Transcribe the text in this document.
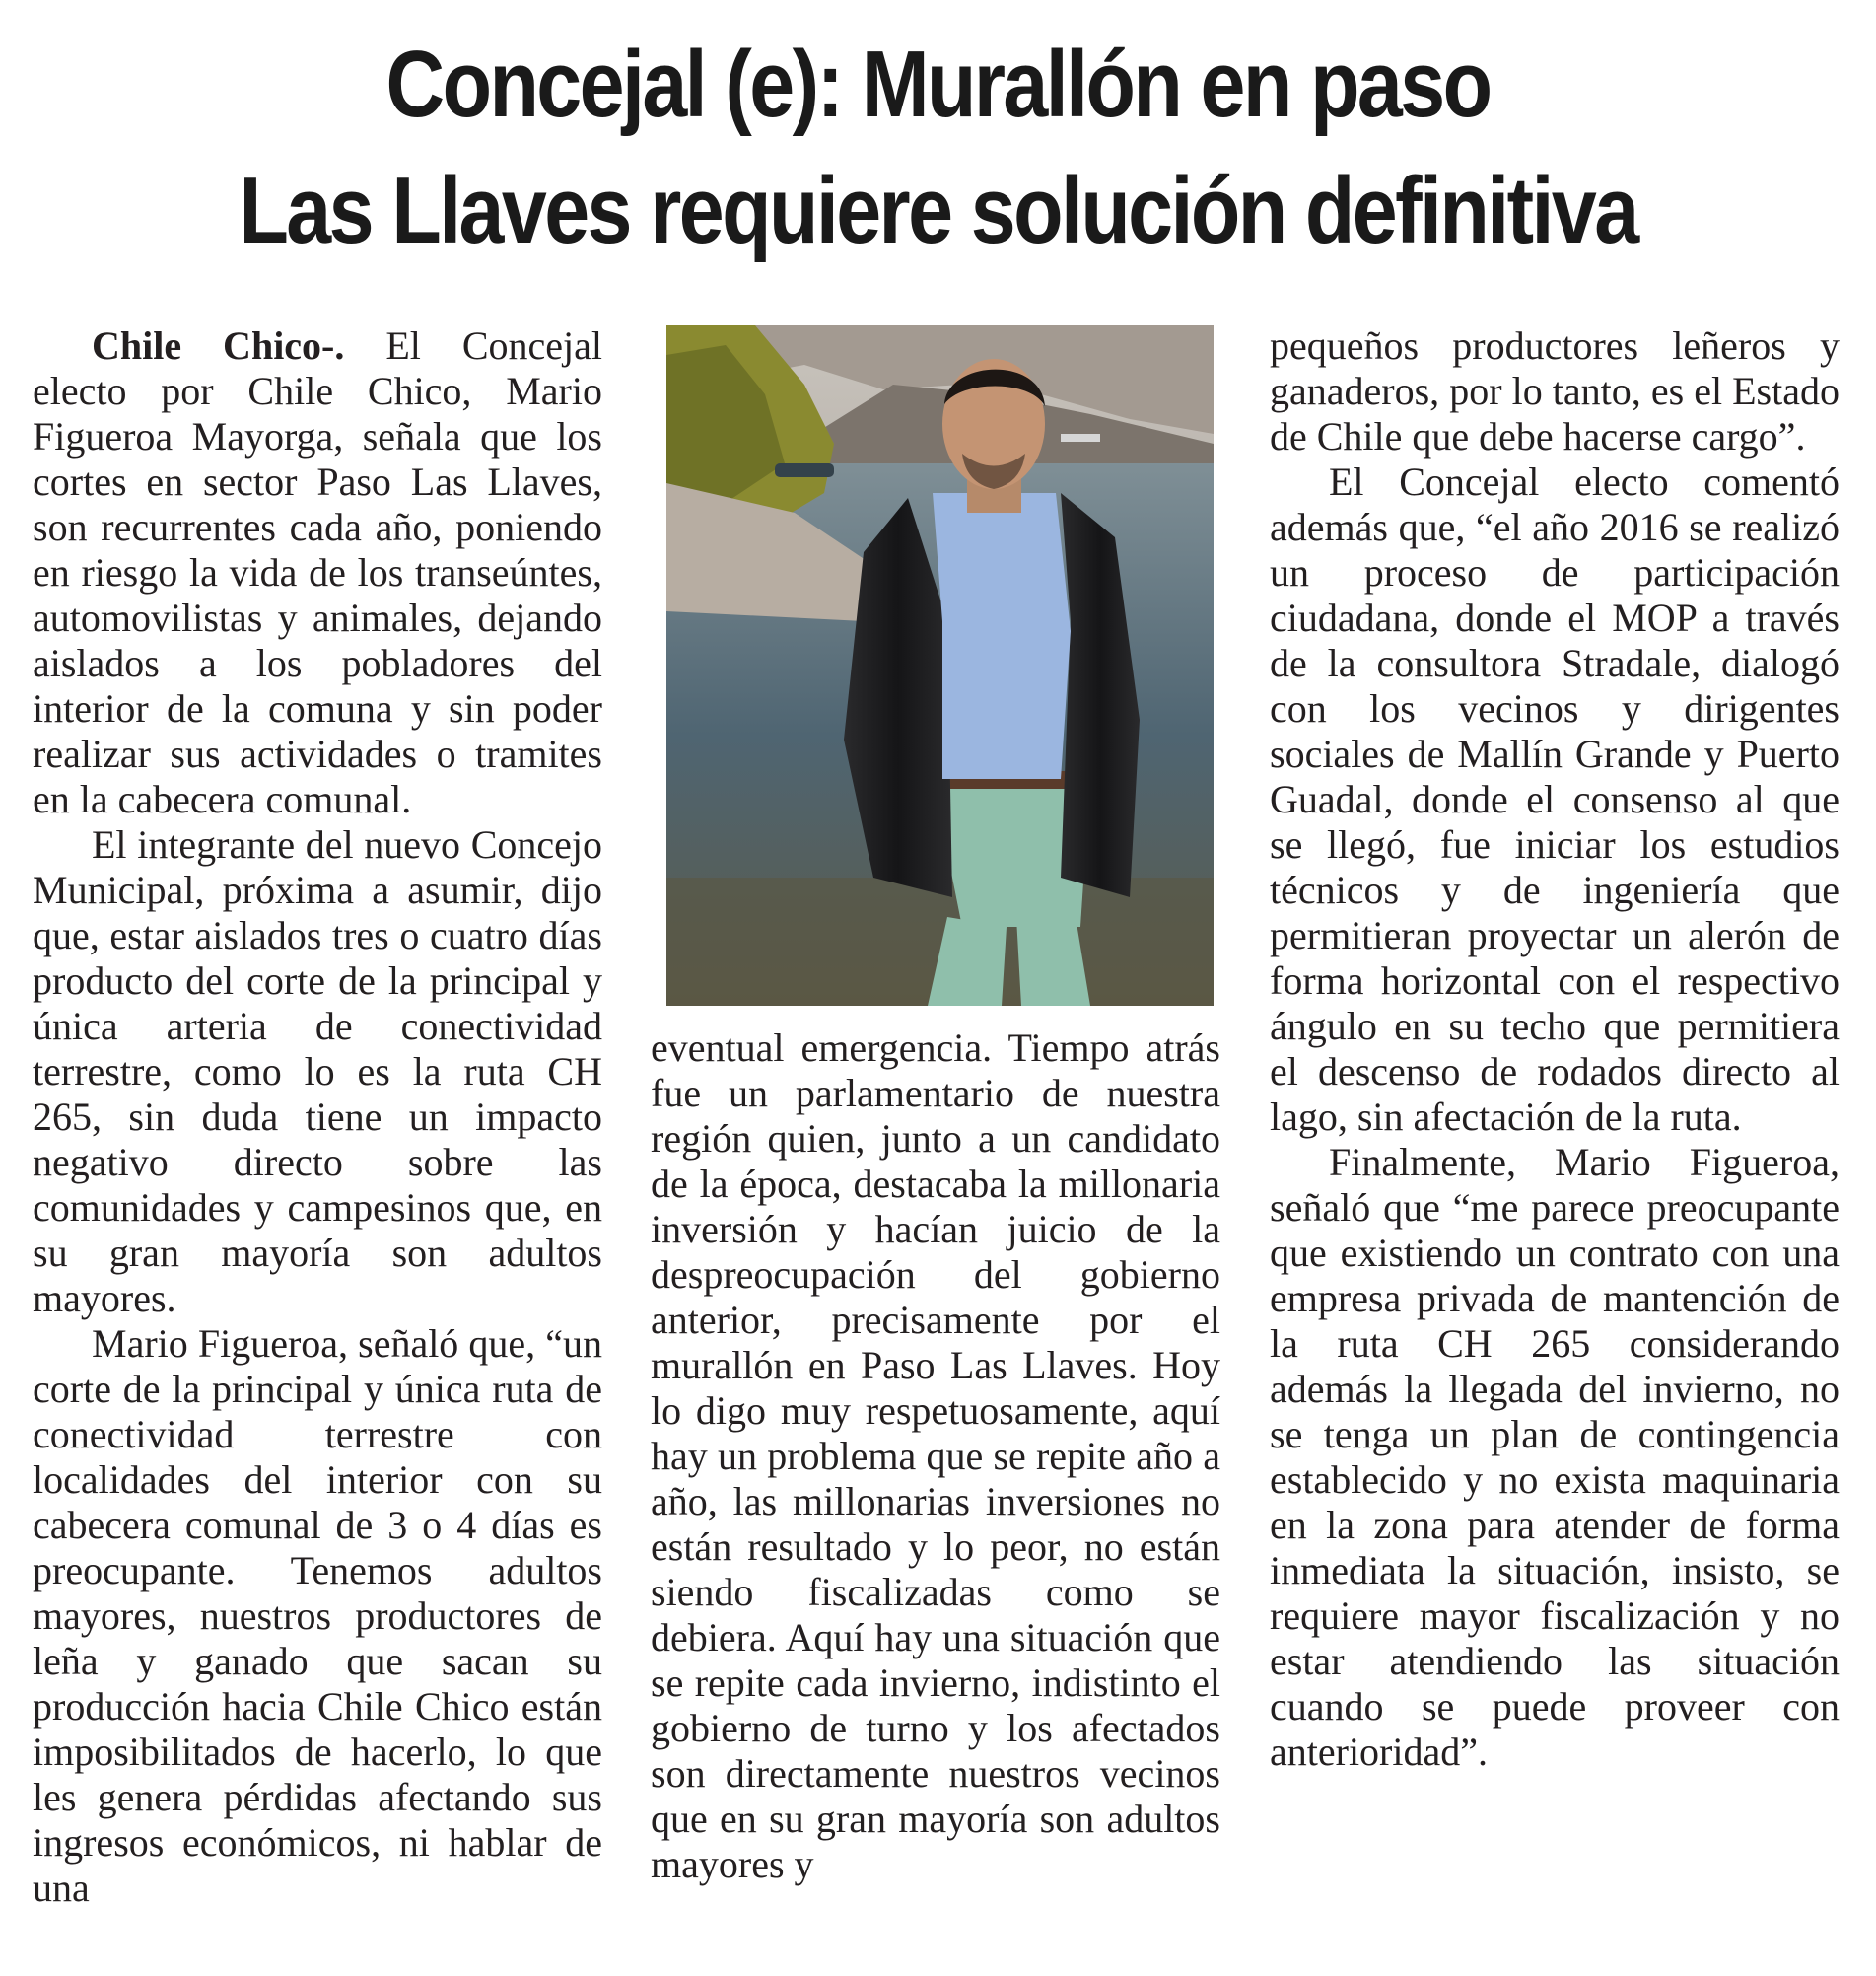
Concejal (e): Murallón en paso
Las Llaves requiere solución definitiva

Chile Chico-. El Concejal electo por Chile Chico, Mario Figueroa Mayorga, señala que los cortes en sector Paso Las Llaves, son recurrentes cada año, poniendo en riesgo la vida de los transeúntes, automovilistas y animales, dejando aislados a los pobladores del interior de la comuna y sin poder realizar sus actividades o tramites en la cabecera comunal.

El integrante del nuevo Concejo Municipal, próxima a asumir, dijo que, estar aislados tres o cuatro días producto del corte de la principal y única arteria de conectividad terrestre, como lo es la ruta CH 265, sin duda tiene un impacto negativo directo sobre las comunidades y campesinos que, en su gran mayoría son adultos mayores.

Mario Figueroa, señaló que, “un corte de la principal y única ruta de conectividad terrestre con localidades del interior con su cabecera comunal de 3 o 4 días es preocupante. Tenemos adultos mayores, nuestros productores de leña y ganado que sacan su producción hacia Chile Chico están imposibilitados de hacerlo, lo que les genera pérdidas afectando sus ingresos económicos, ni hablar de una

eventual emergencia. Tiempo atrás fue un parlamentario de nuestra región quien, junto a un candidato de la época, destacaba la millonaria inversión y hacían juicio de la despreocupación del gobierno anterior, precisamente por el murallón en Paso Las Llaves. Hoy lo digo muy respetuosamente, aquí hay un problema que se repite año a año, las millonarias inversiones no están resultado y lo peor, no están siendo fiscalizadas como se debiera. Aquí hay una situación que se repite cada invierno, indistinto el gobierno de turno y los afectados son directamente nuestros vecinos que en su gran mayoría son adultos mayores y

pequeños productores leñeros y ganaderos, por lo tanto, es el Estado de Chile que debe hacerse cargo”.

El Concejal electo comentó además que, “el año 2016 se realizó un proceso de participación ciudadana, donde el MOP a través de la consultora Stradale, dialogó con los vecinos y dirigentes sociales de Mallín Grande y Puerto Guadal, donde el consenso al que se llegó, fue iniciar los estudios técnicos y de ingeniería que permitieran proyectar un alerón de forma horizontal con el respectivo ángulo en su techo que permitiera el descenso de rodados directo al lago, sin afectación de la ruta.

Finalmente, Mario Figueroa, señaló que “me parece preocupante que existiendo un contrato con una empresa privada de mantención de la ruta CH 265 considerando además la llegada del invierno, no se tenga un plan de contingencia establecido y no exista maquinaria en la zona para atender de forma inmediata la situación, insisto, se requiere mayor fiscalización y no estar atendiendo las situación cuando se puede proveer con anterioridad”.
